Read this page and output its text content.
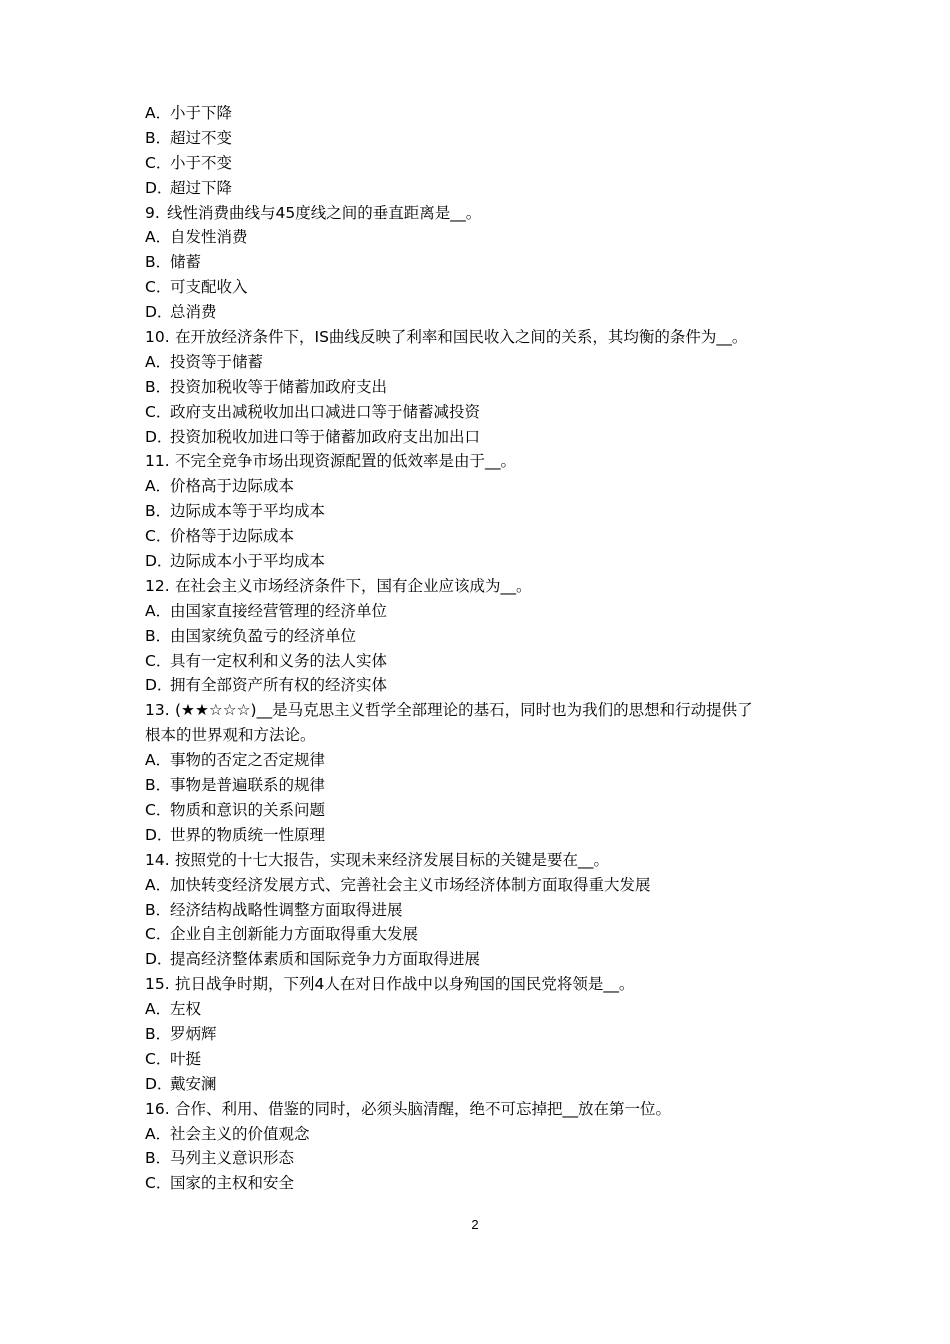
A．
小于下降
B．
超过不变
C．
小于不变
D．
超过下降
9. 线性消费曲线与45度线之间的垂直距离是__。
A．
自发性消费
B．
储蓄
C．
可支配收入
D．
总消费
10. 在开放经济条件下，IS曲线反映了利率和国民收入之间的关系，其均衡的条件为__。
A．
投资等于储蓄
B．
投资加税收等于储蓄加政府支出
C．
政府支出减税收加出口减进口等于储蓄减投资
D．
投资加税收加进口等于储蓄加政府支出加出口
11. 不完全竞争市场出现资源配置的低效率是由于__。
A．
价格高于边际成本
B．
边际成本等于平均成本
C．
价格等于边际成本
D．
边际成本小于平均成本
12. 在社会主义市场经济条件下，国有企业应该成为__。
A．
由国家直接经营管理的经济单位
B．
由国家统负盈亏的经济单位
C．
具有一定权利和义务的法人实体
D．
拥有全部资产所有权的经济实体
13. (★★☆☆☆)__是马克思主义哲学全部理论的基石，同时也为我们的思想和行动提供了
根本的世界观和方法论。
A．
事物的否定之否定规律
B．
事物是普遍联系的规律
C．
物质和意识的关系问题
D．
世界的物质统一性原理
14. 按照党的十七大报告，实现未来经济发展目标的关键是要在__。
A．
加快转变经济发展方式、完善社会主义市场经济体制方面取得重大发展
B．
经济结构战略性调整方面取得进展
C．
企业自主创新能力方面取得重大发展
D．
提高经济整体素质和国际竞争力方面取得进展
15. 抗日战争时期，下列4人在对日作战中以身殉国的国民党将领是__。
A．
左权
B．
罗炳辉
C．
叶挺
D．
戴安澜
16. 合作、利用、借鉴的同时，必须头脑清醒，绝不可忘掉把__放在第一位。
A．
社会主义的价值观念
B．
马列主义意识形态
C．
国家的主权和安全
2
